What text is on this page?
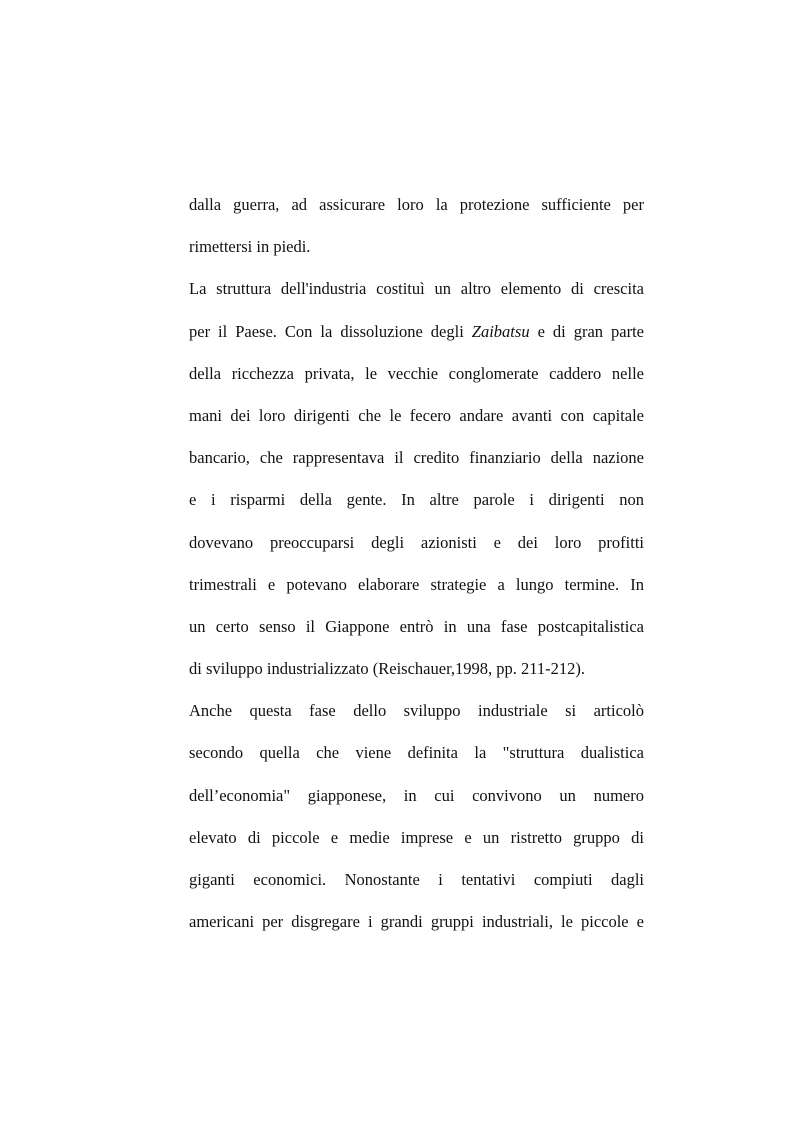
dalla guerra, ad assicurare loro la protezione sufficiente per
rimettersi in piedi.
La struttura dell'industria costituì un altro elemento di crescita
per il Paese. Con la dissoluzione degli Zaibatsu e di gran parte
della ricchezza privata, le vecchie conglomerate caddero nelle
mani dei loro dirigenti che le fecero andare avanti con capitale
bancario, che rappresentava il credito finanziario della nazione
e i risparmi della gente. In altre parole i dirigenti non
dovevano preoccuparsi degli azionisti e dei loro profitti
trimestrali e potevano elaborare strategie a lungo termine. In
un certo senso il Giappone entrò in una fase postcapitalistica
di sviluppo industrializzato (Reischauer,1998, pp. 211-212).
Anche questa fase dello sviluppo industriale si articolò
secondo quella che viene definita la "struttura dualistica
dell’economia" giapponese, in cui convivono un numero
elevato di piccole e medie imprese e un ristretto gruppo di
giganti economici. Nonostante i tentativi compiuti dagli
americani per disgregare i grandi gruppi industriali, le piccole e
